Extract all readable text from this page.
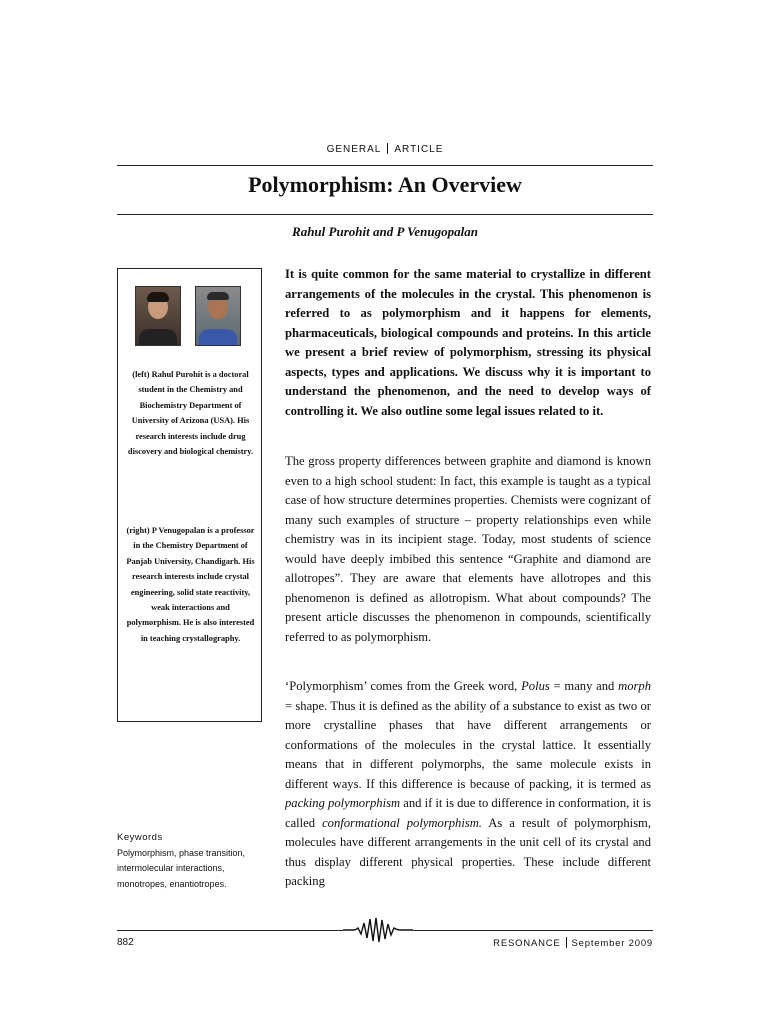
GENERAL ARTICLE
Polymorphism: An Overview
Rahul Purohit and P Venugopalan

(left) Rahul Purohit is a doctoral student in the Chemistry and Biochemistry Department of University of Arizona (USA). His research interests include drug discovery and biological chemistry.

(right) P Venugopalan is a professor in the Chemistry Department of Panjab University, Chandigarh. His research interests include crystal engineering, solid state reactivity, weak interactions and polymorphism. He is also interested in teaching crystallography.

Keywords
Polymorphism, phase transition, intermolecular interactions, monotropes, enantiotropes.

It is quite common for the same material to crystallize in different arrangements of the molecules in the crystal. This phenomenon is referred to as polymorphism and it happens for elements, pharmaceuticals, biological compounds and proteins. In this article we present a brief review of polymorphism, stressing its physical aspects, types and applications. We discuss why it is important to understand the phenomenon, and the need to develop ways of controlling it. We also outline some legal issues related to it.

The gross property differences between graphite and diamond is known even to a high school student: In fact, this example is taught as a typical case of how structure determines properties. Chemists were cognizant of many such examples of structure – property relationships even while chemistry was in its incipient stage. Today, most students of science would have deeply imbibed this sentence “Graphite and diamond are allotropes”. They are aware that elements have allotropes and this phenomenon is defined as allotropism. What about compounds? The present article discusses the phenomenon in compounds, scientifically referred to as polymorphism.

‘Polymorphism’ comes from the Greek word, Polus = many and morph = shape. Thus it is defined as the ability of a substance to exist as two or more crystalline phases that have different arrangements or conformations of the molecules in the crystal lattice. It essentially means that in different polymorphs, the same molecule exists in different ways. If this difference is because of packing, it is termed as packing polymorphism and if it is due to difference in conformation, it is called conformational polymorphism. As a result of polymorphism, molecules have different arrangements in the unit cell of its crystal and thus display different physical properties. These include different packing

882	RESONANCE September 2009
